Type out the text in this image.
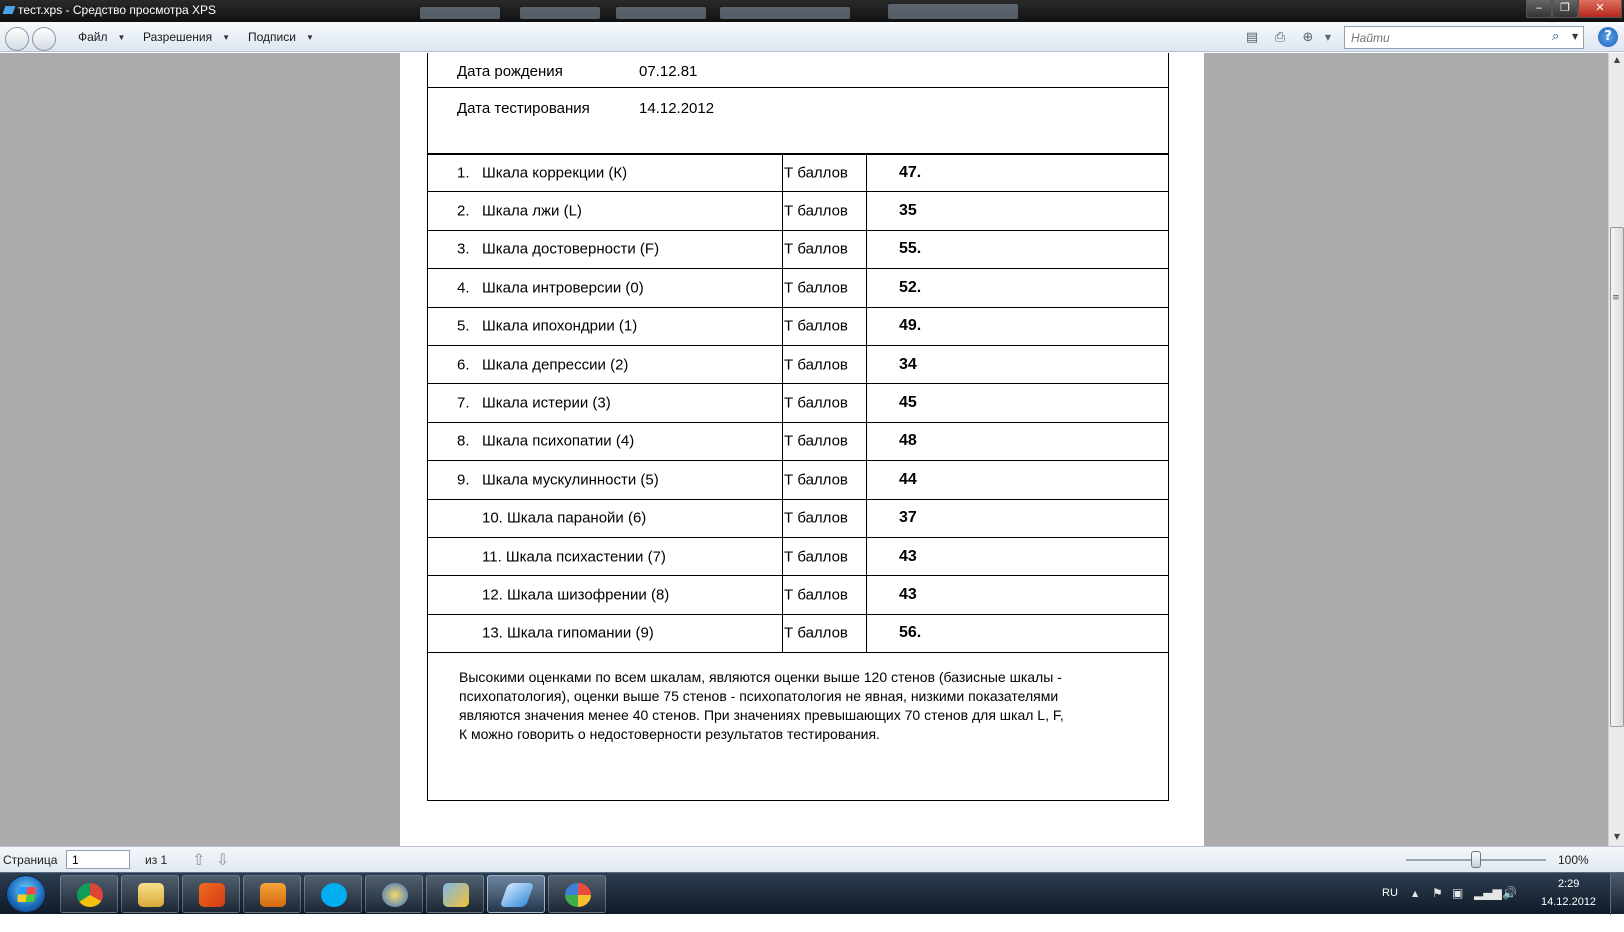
тест.xps - Средство просмотра XPS	‒	❐	✕
Файл ▼ Разрешения ▼ Подписи ▼	▤ ⎙ ⊕	▼
Найти	⌕ ▼	?
Дата рождения	07.12.81
Дата тестирования	14.12.2012
1. Шкала коррекции (К)	Т баллов	47.
2. Шкала лжи (L)	Т баллов	35
3. Шкала достоверности (F)	Т баллов	55.
4. Шкала интроверсии (0)	Т баллов	52.
5. Шкала ипохондрии (1)	Т баллов	49.
6. Шкала депрессии (2)	Т баллов	34
7. Шкала истерии (3)	Т баллов	45
8. Шкала психопатии (4)	Т баллов	48
9. Шкала мускулинности (5)	Т баллов	44
10. Шкала паранойи (6)	Т баллов	37
11. Шкала психастении (7)	Т баллов	43
12. Шкала шизофрении (8)	Т баллов	43
13. Шкала гипомании (9)	Т баллов	56.
Высокими оценками по всем шкалам, являются оценки выше 120 стенов (базисные шкалы -
психопатология), оценки выше 75 стенов - психопатология не явная, низкими показателями
являются значения менее 40 стенов. При значениях превышающих 70 стенов для шкал L, F,
К можно говорить о недостоверности результатов тестирования.
▲
≡
▼
Страница
1	из 1 ⇧ ⇩	100%
RU ▲ ⚑ ▣ ▂▄▆ 🔊
2:29
14.12.2012
